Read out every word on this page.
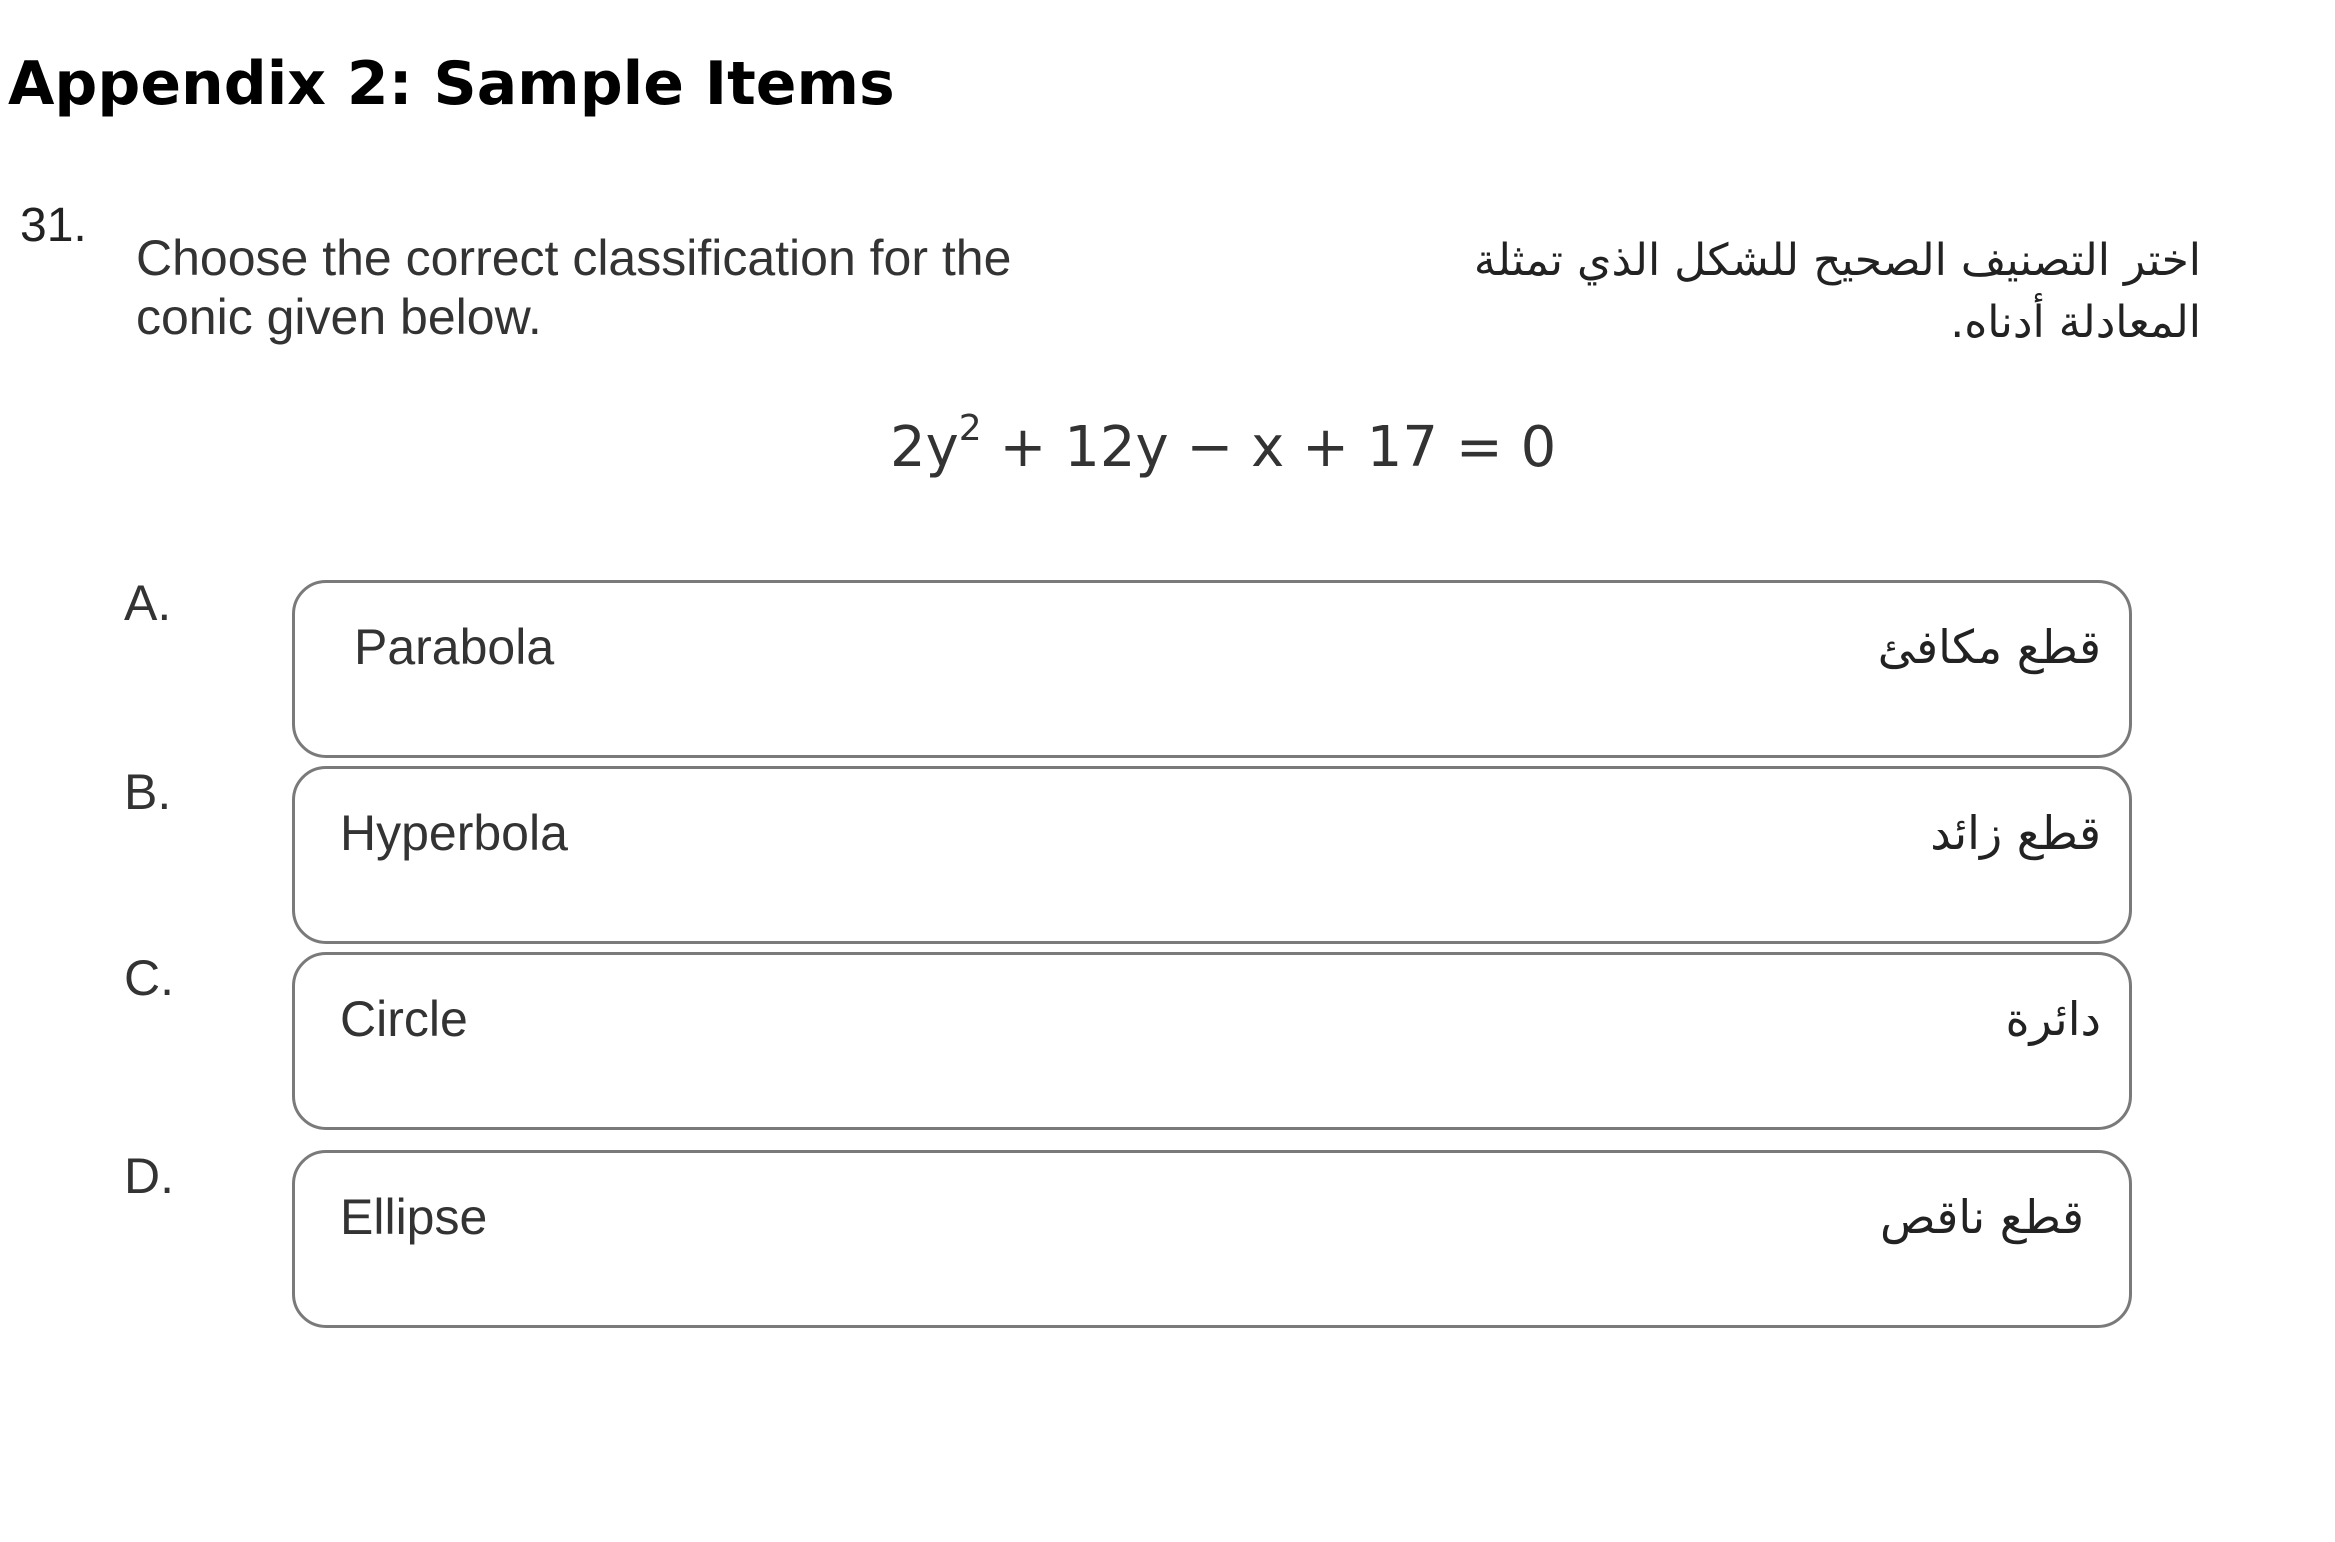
Appendix 2: Sample Items
31.
Choose the correct classification for the
conic given below.
اختر التصنيف الصحيح للشكل الذي تمثلة
المعادلة أدناه.
$2y^2 + 12y - x + 17 = 0$
A.
Parabola	قطع مكافئ
B.
Hyperbola	قطع زائد
C.
Circle	دائرة
D.
Ellipse	قطع ناقص
